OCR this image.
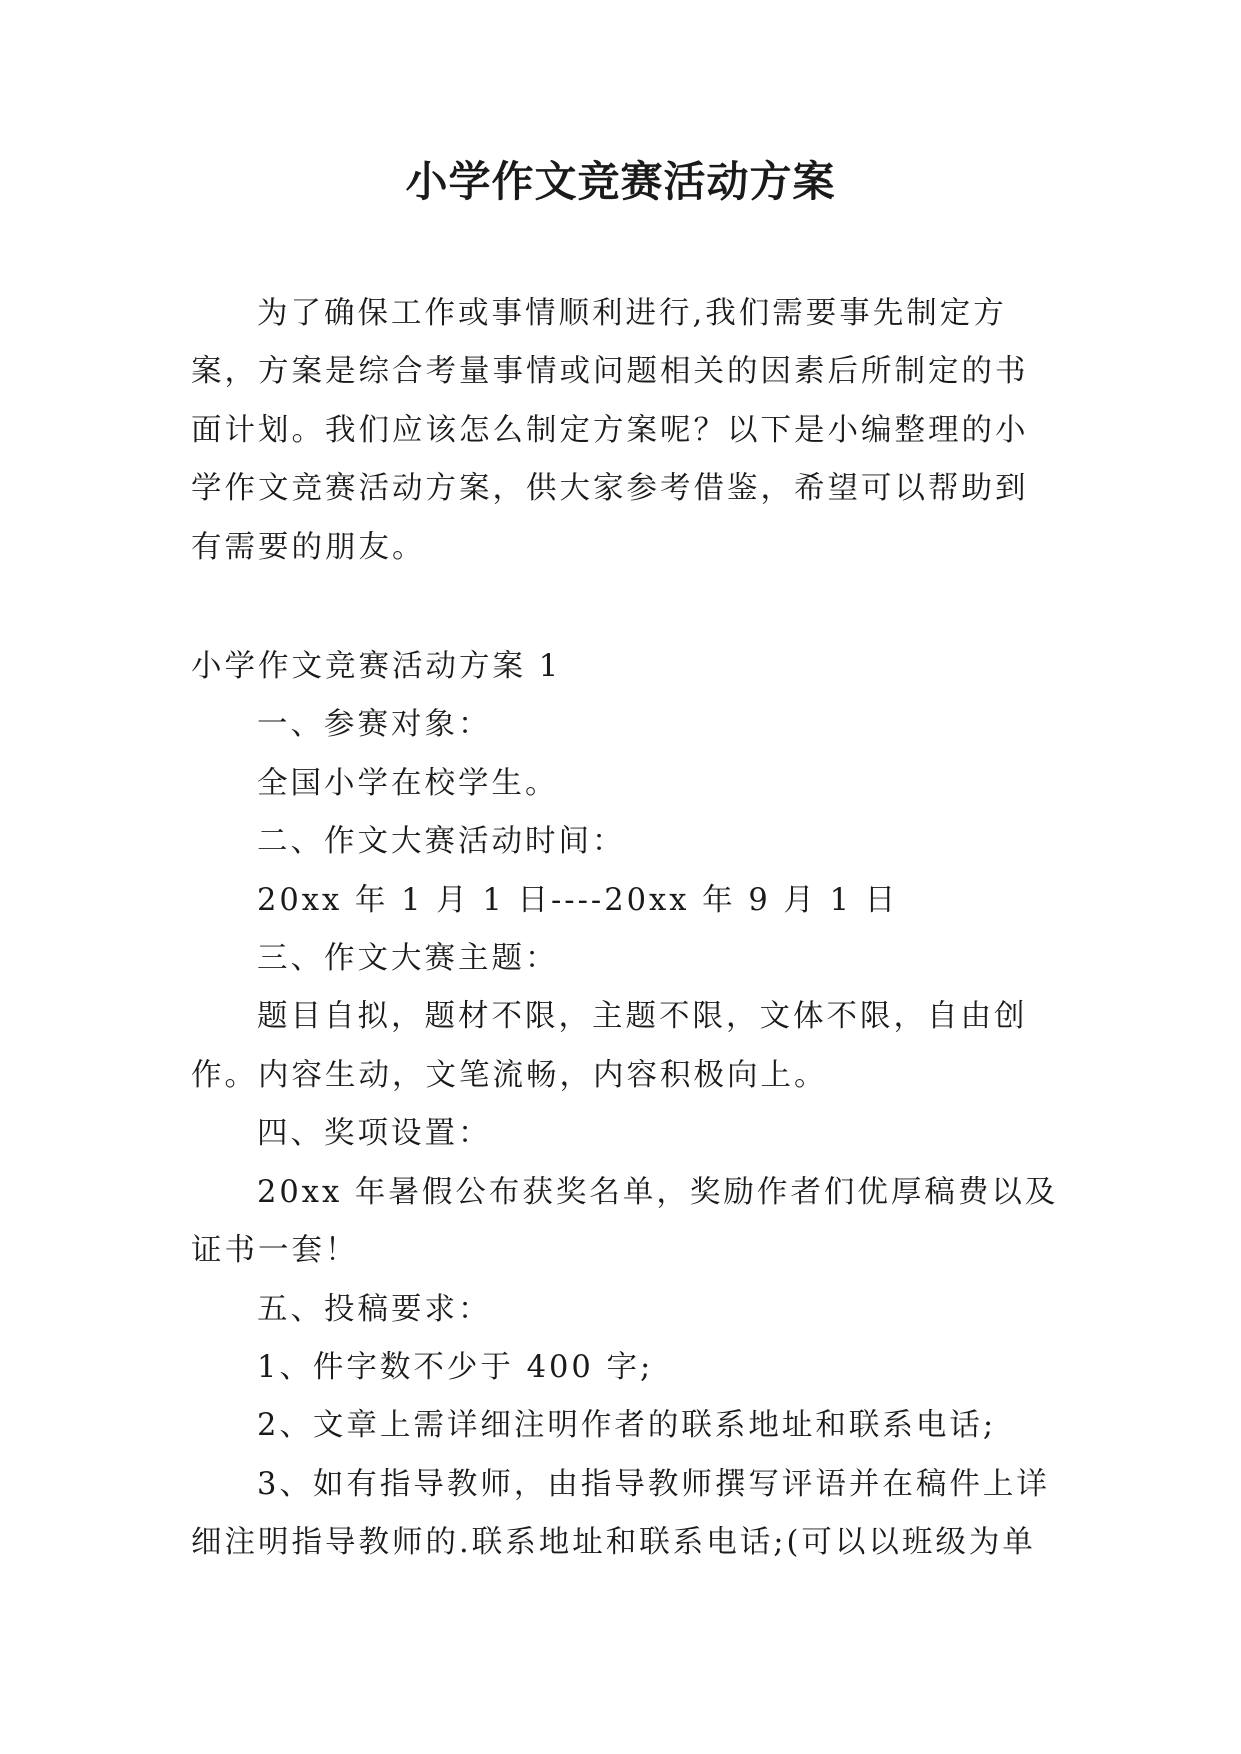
小学作文竞赛活动方案

为了确保工作或事情顺利进行,我们需要事先制定方案，方案是综合考量事情或问题相关的因素后所制定的书面计划。我们应该怎么制定方案呢？以下是小编整理的小学作文竞赛活动方案，供大家参考借鉴，希望可以帮助到有需要的朋友。

小学作文竞赛活动方案 1

一、参赛对象：

全国小学在校学生。

二、作文大赛活动时间：

20xx 年 1 月 1 日----20xx 年 9 月 1 日

三、作文大赛主题：

题目自拟，题材不限，主题不限，文体不限，自由创作。内容生动，文笔流畅，内容积极向上。

四、奖项设置：

20xx 年暑假公布获奖名单，奖励作者们优厚稿费以及证书一套！

五、投稿要求：

1、件字数不少于 400 字;

2、文章上需详细注明作者的联系地址和联系电话;

3、如有指导教师，由指导教师撰写评语并在稿件上详细注明指导教师的.联系地址和联系电话;(可以以班级为单
